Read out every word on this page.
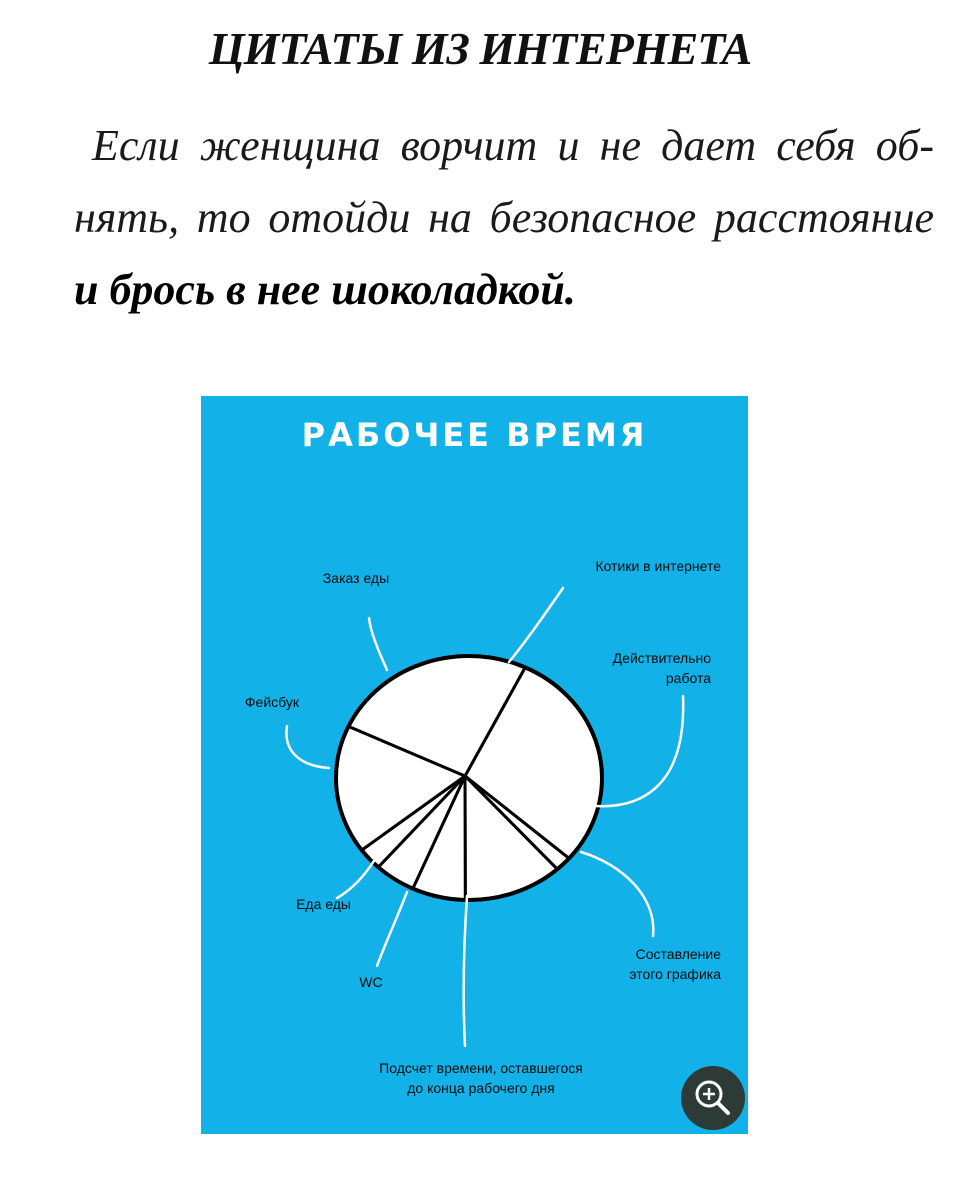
ЦИТАТЫ ИЗ ИНТЕРНЕТА

Если женщина ворчит и не дает себя об-
нять, то отойди на безопасное расстояние
и брось в нее шоколадкой.

РАБОЧЕЕ ВРЕМЯ
Котики в интернете
Действительно
работа
Составление
этого графика
Подсчет времени, оставшегося
до конца рабочего дня
WC
Еда еды
Фейсбук
Заказ еды
